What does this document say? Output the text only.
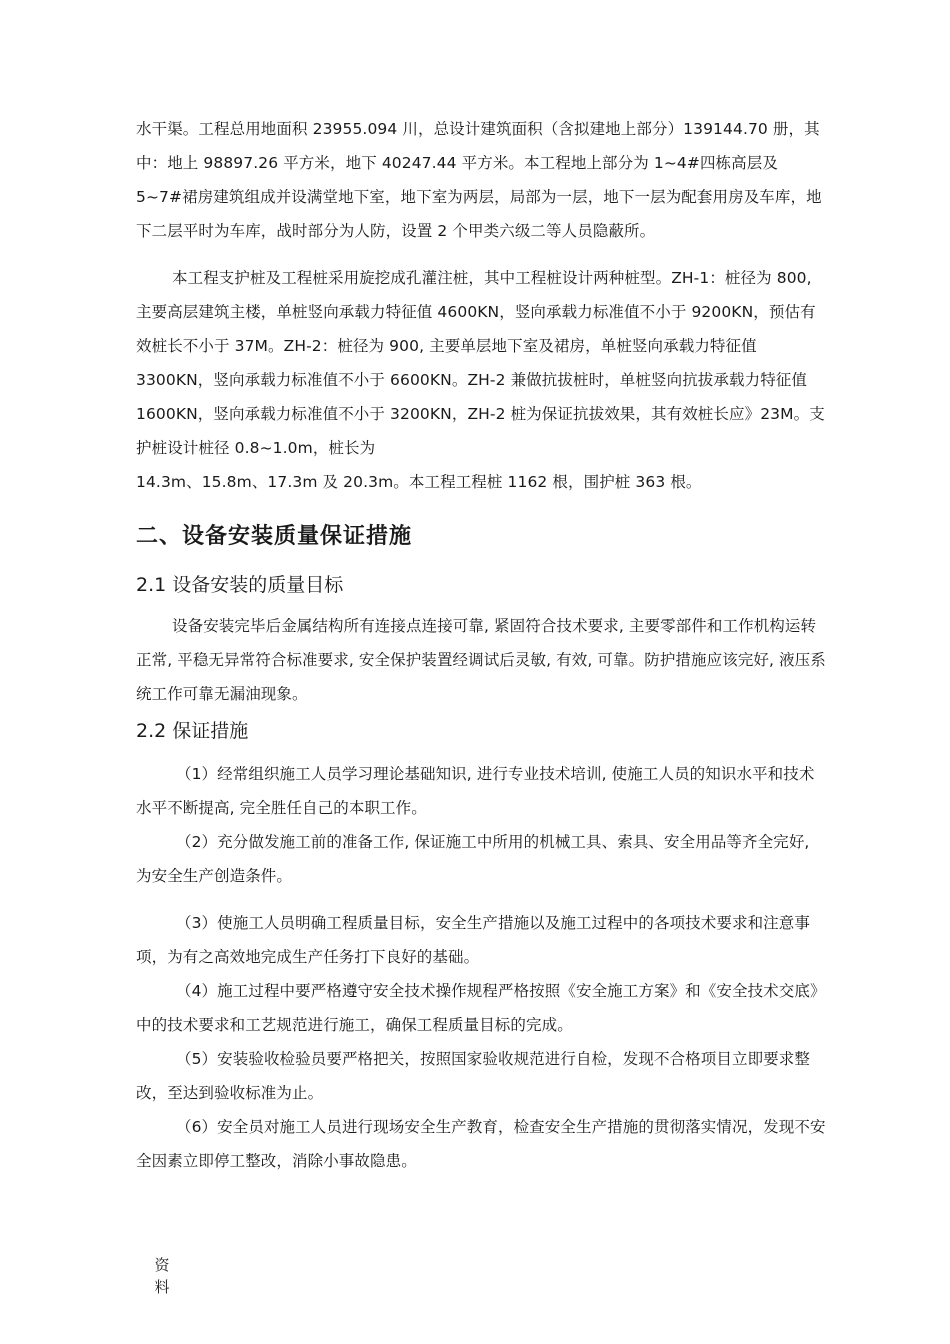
水干渠。工程总用地面积 23955.094 川，总设计建筑面积（含拟建地上部分）139144.70 册，其中：地上 98897.26 平方米，地下 40247.44 平方米。本工程地上部分为 1~4#四栋高层及 5~7#裙房建筑组成并设满堂地下室，地下室为两层，局部为一层，地下一层为配套用房及车库，地下二层平时为车库，战时部分为人防，设置 2 个甲类六级二等人员隐蔽所。

本工程支护桩及工程桩采用旋挖成孔灌注桩，其中工程桩设计两种桩型。ZH-1：桩径为 800, 主要高层建筑主楼，单桩竖向承载力特征值 4600KN，竖向承载力标准值不小于 9200KN，预估有效桩长不小于 37M。ZH-2：桩径为 900, 主要单层地下室及裙房，单桩竖向承载力特征值 3300KN，竖向承载力标准值不小于 6600KN。ZH-2 兼做抗拔桩时，单桩竖向抗拔承载力特征值 1600KN，竖向承载力标准值不小于 3200KN，ZH-2 桩为保证抗拔效果，其有效桩长应》23M。支护桩设计桩径 0.8~1.0m，桩长为

14.3m、15.8m、17.3m 及 20.3m。本工程工程桩 1162 根，围护桩 363 根。

二、设备安装质量保证措施
2.1 设备安装的质量目标

设备安装完毕后金属结构所有连接点连接可靠, 紧固符合技术要求, 主要零部件和工作机构运转正常, 平稳无异常符合标准要求, 安全保护装置经调试后灵敏, 有效, 可靠。防护措施应该完好, 液压系统工作可靠无漏油现象。

2.2 保证措施

（1）经常组织施工人员学习理论基础知识, 进行专业技术培训, 使施工人员的知识水平和技术水平不断提高, 完全胜任自己的本职工作。

（2）充分做发施工前的准备工作, 保证施工中所用的机械工具、索具、安全用品等齐全完好, 为安全生产创造条件。

（3）使施工人员明确工程质量目标，安全生产措施以及施工过程中的各项技术要求和注意事项，为有之高效地完成生产任务打下良好的基础。

（4）施工过程中要严格遵守安全技术操作规程严格按照《安全施工方案》和《安全技术交底》中的技术要求和工艺规范进行施工，确保工程质量目标的完成。

（5）安装验收检验员要严格把关，按照国家验收规范进行自检，发现不合格项目立即要求整改，至达到验收标准为止。

（6）安全员对施工人员进行现场安全生产教育，检查安全生产措施的贯彻落实情况，发现不安全因素立即停工整改，消除小事故隐患。

资料
